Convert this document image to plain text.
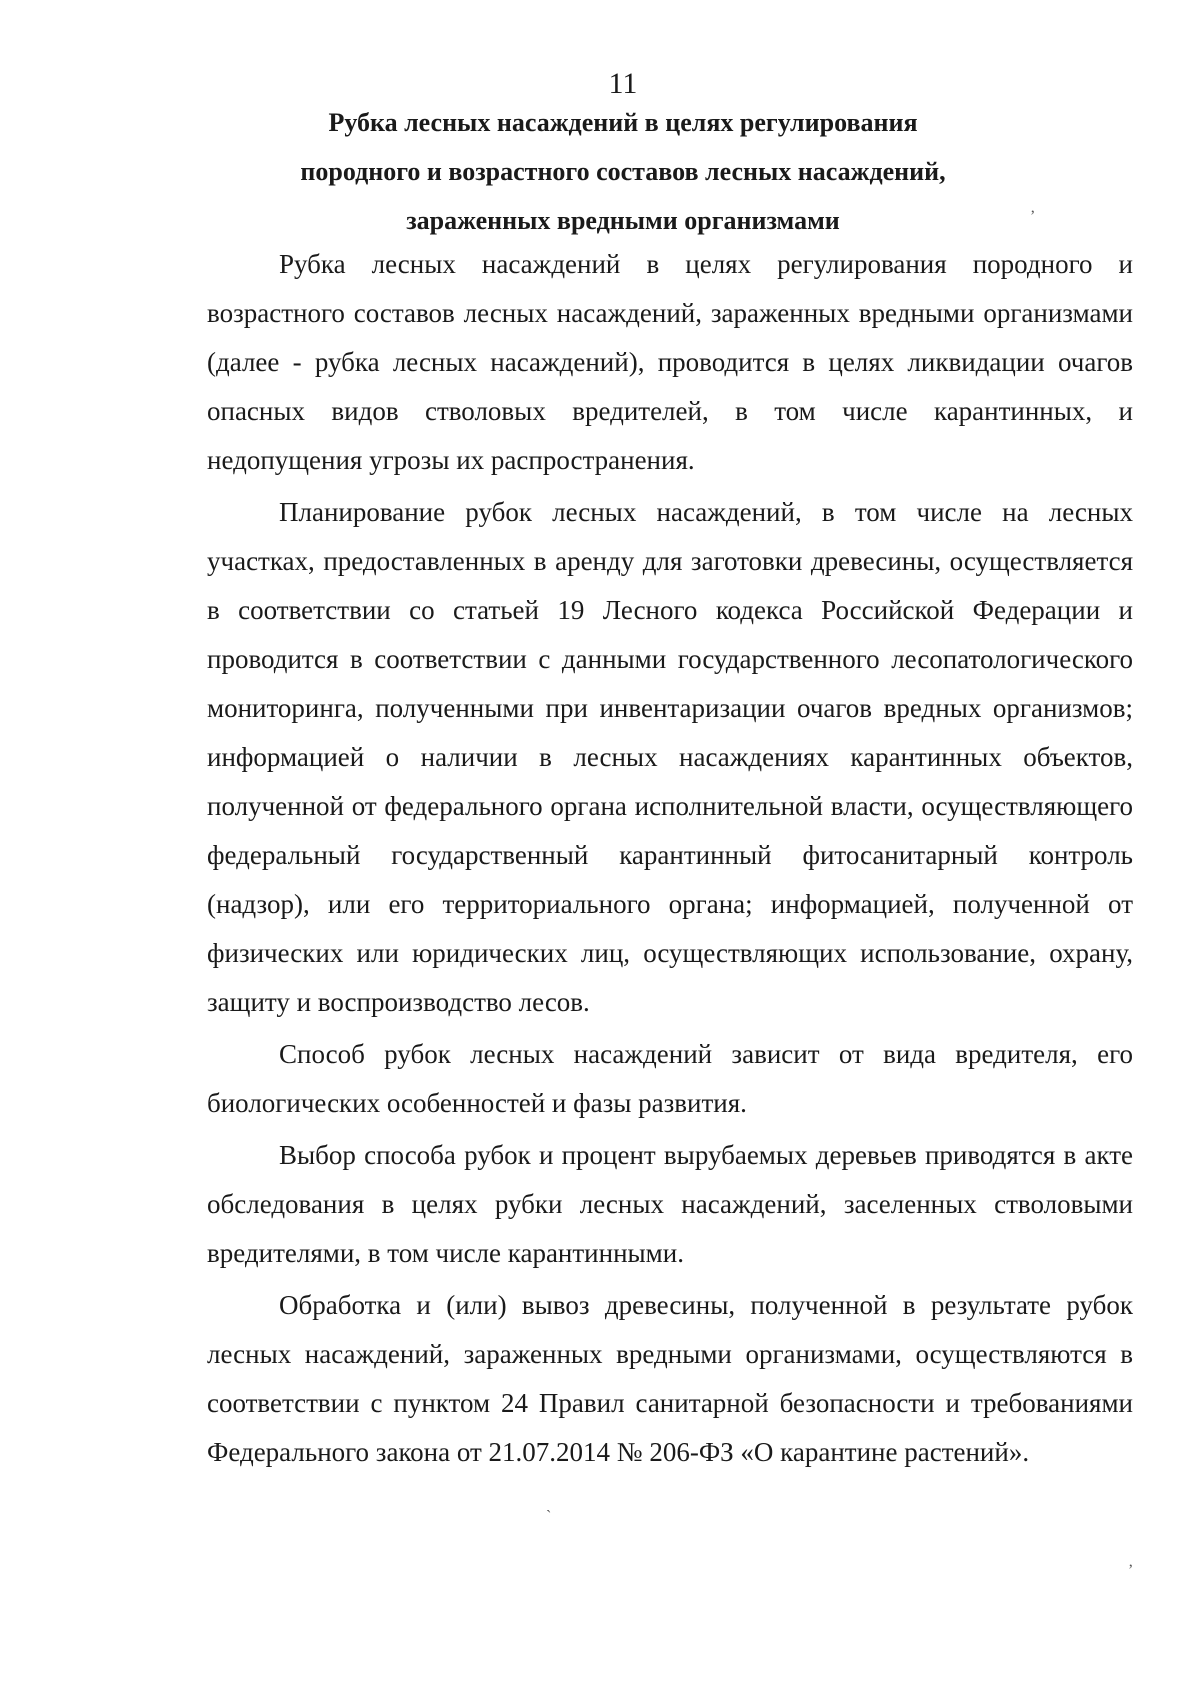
11
Рубка лесных насаждений в целях регулирования
породного и возрастного составов лесных насаждений,
зараженных вредными организмами

Рубка лесных насаждений в целях регулирования породного и возрастного составов лесных насаждений, зараженных вредными организмами (далее - рубка лесных насаждений), проводится в целях ликвидации очагов опасных видов стволовых вредителей, в том числе карантинных, и недопущения угрозы их распространения.

Планирование рубок лесных насаждений, в том числе на лесных участках, предоставленных в аренду для заготовки древесины, осуществляется в соответствии со статьей 19 Лесного кодекса Российской Федерации и проводится в соответствии с данными государственного лесопатологического мониторинга, полученными при инвентаризации очагов вредных организмов; информацией о наличии в лесных насаждениях карантинных объектов, полученной от федерального органа исполнительной власти, осуществляющего федеральный государственный карантинный фитосанитарный контроль (надзор), или его территориального органа; информацией, полученной от физических или юридических лиц, осуществляющих использование, охрану, защиту и воспроизводство лесов.

Способ рубок лесных насаждений зависит от вида вредителя, его биологических особенностей и фазы развития.

Выбор способа рубок и процент вырубаемых деревьев приводятся в акте обследования в целях рубки лесных насаждений, заселенных стволовыми вредителями, в том числе карантинными.

Обработка и (или) вывоз древесины, полученной в результате рубок лесных насаждений, зараженных вредными организмами, осуществляются в соответствии с пунктом 24 Правил санитарной безопасности и требованиями Федерального закона от 21.07.2014 № 206-ФЗ «О карантине растений».

’
`
’
